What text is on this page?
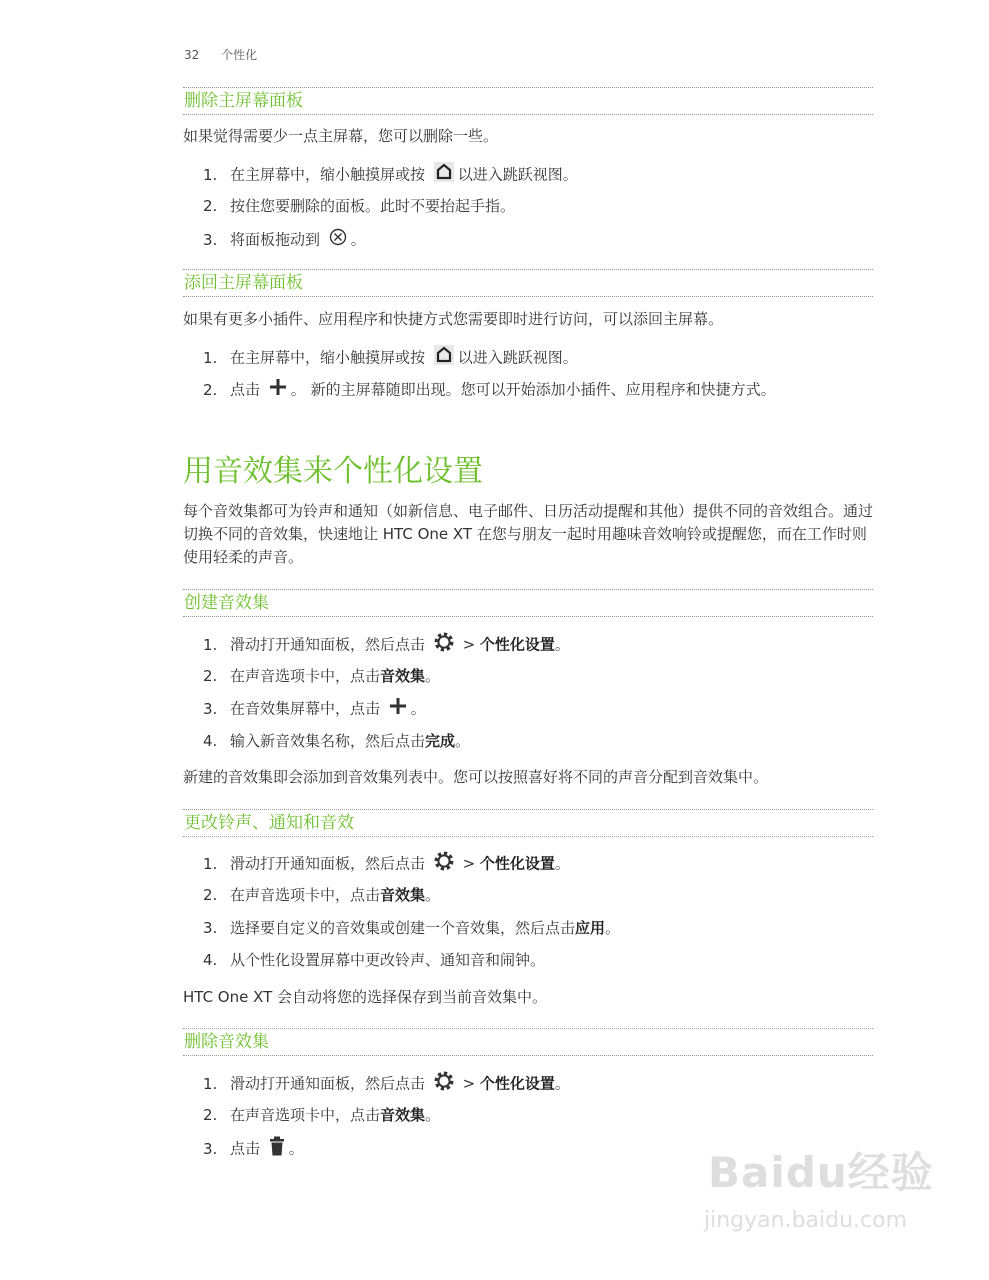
32 个性化
删除主屏幕面板
如果觉得需要少一点主屏幕，您可以删除一些。
1. 在主屏幕中，缩小触摸屏或按 以进入跳跃视图。
2. 按住您要删除的面板。此时不要抬起手指。
3. 将面板拖动到 。
添回主屏幕面板
如果有更多小插件、应用程序和快捷方式您需要即时进行访问，可以添回主屏幕。
1. 在主屏幕中，缩小触摸屏或按 以进入跳跃视图。
2. 点击 。 新的主屏幕随即出现。您可以开始添加小插件、应用程序和快捷方式。
用音效集来个性化设置
每个音效集都可为铃声和通知（如新信息、电子邮件、日历活动提醒和其他）提供不同的音效组合。通过切换不同的音效集，快速地让 HTC One XT 在您与朋友一起时用趣味音效响铃或提醒您，而在工作时则使用轻柔的声音。
创建音效集
1. 滑动打开通知面板，然后点击  > 个性化设置。
2. 在声音选项卡中，点击音效集。
3. 在音效集屏幕中，点击 。
4. 输入新音效集名称，然后点击完成。
新建的音效集即会添加到音效集列表中。您可以按照喜好将不同的声音分配到音效集中。
更改铃声、通知和音效
1. 滑动打开通知面板，然后点击  > 个性化设置。
2. 在声音选项卡中，点击音效集。
3. 选择要自定义的音效集或创建一个音效集，然后点击应用。
4. 从个性化设置屏幕中更改铃声、通知音和闹钟。
HTC One XT 会自动将您的选择保存到当前音效集中。
删除音效集
1. 滑动打开通知面板，然后点击  > 个性化设置。
2. 在声音选项卡中，点击音效集。
3. 点击 。	Baidu经验
jingyan.baidu.com
